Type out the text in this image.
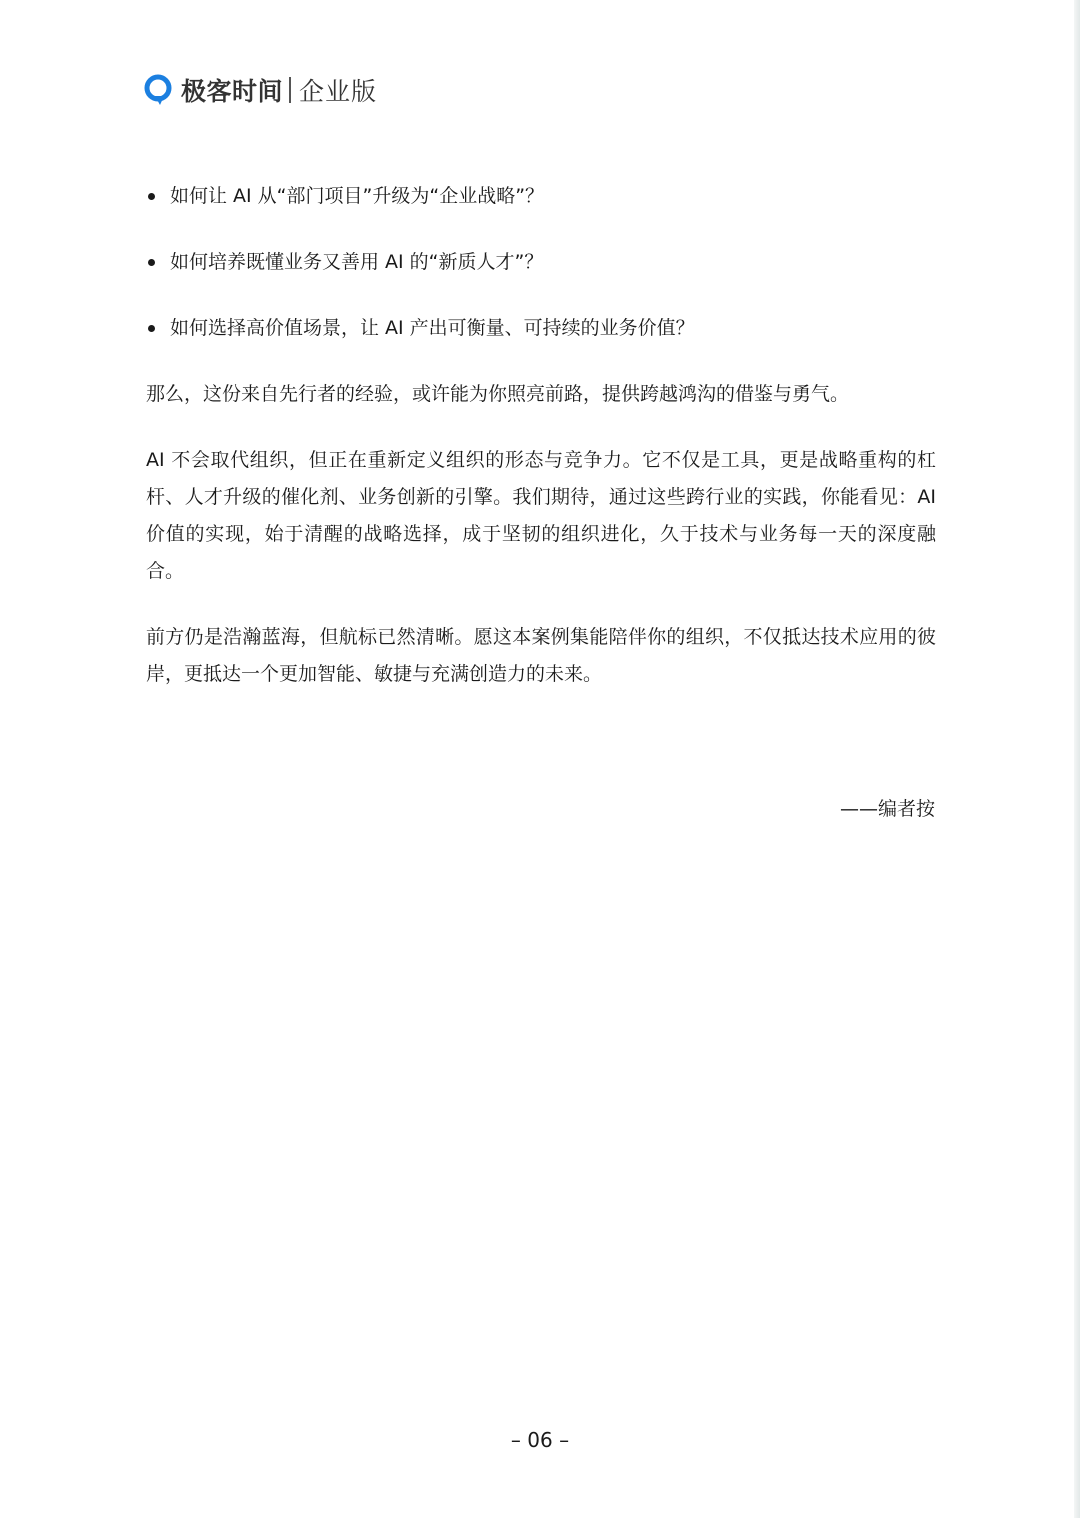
极客时间 企业版
如何让 AI 从“部门项目”升级为“企业战略”？
如何培养既懂业务又善用 AI 的“新质人才”？
如何选择高价值场景，让 AI 产出可衡量、可持续的业务价值？

那么，这份来自先行者的经验，或许能为你照亮前路，提供跨越鸿沟的借鉴与勇气。

AI 不会取代组织，但正在重新定义组织的形态与竞争力。它不仅是工具，更是战略重构的杠杆、人才升级的催化剂、业务创新的引擎。我们期待，通过这些跨行业的实践，你能看见：AI 价值的实现，始于清醒的战略选择，成于坚韧的组织进化，久于技术与业务每一天的深度融合。

前方仍是浩瀚蓝海，但航标已然清晰。愿这本案例集能陪伴你的组织，不仅抵达技术应用的彼岸，更抵达一个更加智能、敏捷与充满创造力的未来。

——编者按
– 06 –
